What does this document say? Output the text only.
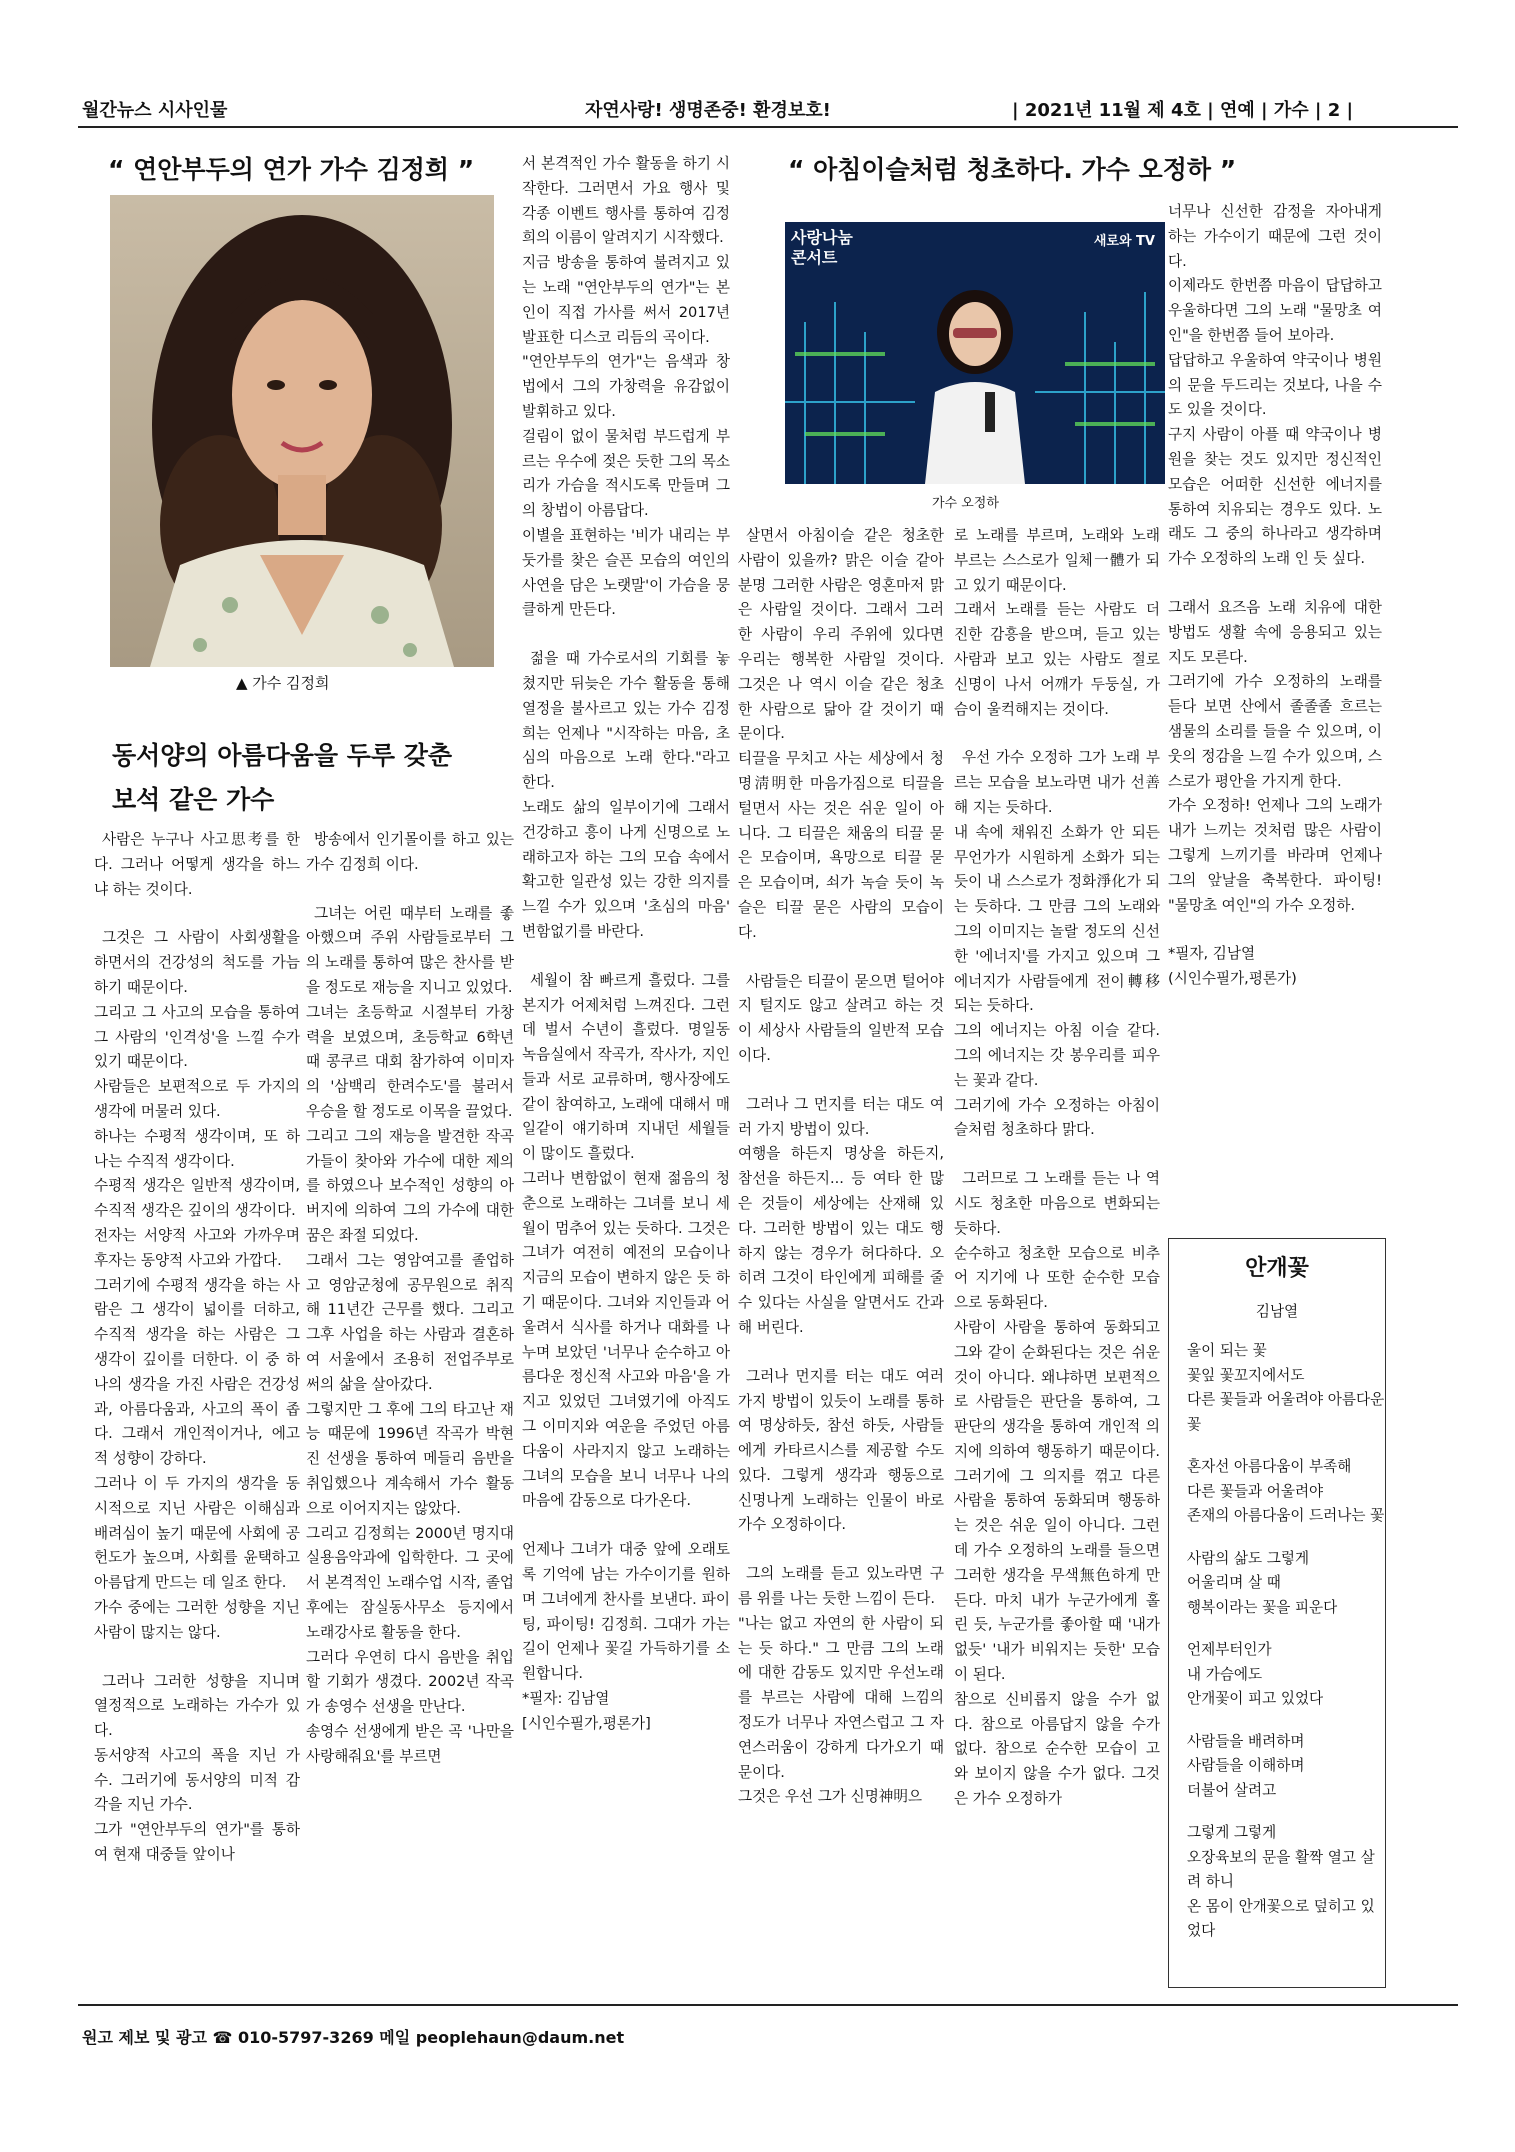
월간뉴스 시사인물	자연사랑! 생명존중! 환경보호!	| 2021년 11월 제 4호 | 연예 | 가수 | 2 |
“ 연안부두의 연가 가수 김정희 ”
▲ 가수 김정희
동서양의 아름다움을 두루 갖춘
보석 같은 가수

사람은 누구나 사고思考를 한다. 그러나 어떻게 생각을 하느냐 하는 것이다.

그것은 그 사람이 사회생활을 하면서의 건강성의 척도를 가늠하기 때문이다.
그리고 그 사고의 모습을 통하여 그 사람의 '인격성'을 느낄 수가 있기 때문이다.
사람들은 보편적으로 두 가지의 생각에 머물러 있다.
하나는 수평적 생각이며, 또 하나는 수직적 생각이다.
수평적 생각은 일반적 생각이며, 수직적 생각은 깊이의 생각이다.
전자는 서양적 사고와 가까우며 후자는 동양적 사고와 가깝다.
그러기에 수평적 생각을 하는 사람은 그 생각이 넓이를 더하고, 수직적 생각을 하는 사람은 그 생각이 깊이를 더한다. 이 중 하나의 생각을 가진 사람은 건강성과, 아름다움과, 사고의 폭이 좁다. 그래서 개인적이거나, 에고적 성향이 강하다.
그러나 이 두 가지의 생각을 동시적으로 지닌 사람은 이해심과 배려심이 높기 때문에 사회에 공헌도가 높으며, 사회를 윤택하고 아름답게 만드는 데 일조 한다.
가수 중에는 그러한 성향을 지닌 사람이 많지는 않다.

그러나 그러한 성향을 지니며 열정적으로 노래하는 가수가 있다.
동서양적 사고의 폭을 지닌 가수. 그러기에 동서양의 미적 감각을 지닌 가수.
그가 "연안부두의 연가"를 통하여 현재 대중들 앞이나

방송에서 인기몰이를 하고 있는 가수 김정희 이다.

그녀는 어린 때부터 노래를 좋아했으며 주위 사람들로부터 그의 노래를 통하여 많은 찬사를 받을 정도로 재능을 지니고 있었다.
그녀는 초등학교 시절부터 가창력을 보였으며, 초등학교 6학년 때 콩쿠르 대회 참가하여 이미자의 '삼백리 한려수도'를 불러서 우승을 할 정도로 이목을 끌었다.
그리고 그의 재능을 발견한 작곡가들이 찾아와 가수에 대한 제의를 하였으나 보수적인 성향의 아버지에 의하여 그의 가수에 대한 꿈은 좌절 되었다.
그래서 그는 영암여고를 졸업하고 영암군청에 공무원으로 취직해 11년간 근무를 했다. 그리고 그후 사업을 하는 사람과 결혼하여 서울에서 조용히 전업주부로써의 삶을 살아갔다.
그렇지만 그 후에 그의 타고난 재능 때문에 1996년 작곡가 박현진 선생을 통하여 메들리 음반을 취입했으나 계속해서 가수 활동으로 이어지지는 않았다.
그리고 김정희는 2000년 명지대 실용음악과에 입학한다. 그 곳에서 본격적인 노래수업 시작, 졸업 후에는 잠실동사무소 등지에서 노래강사로 활동을 한다.
그러다 우연히 다시 음반을 취입할 기회가 생겼다. 2002년 작곡가 송영수 선생을 만난다.
송영수 선생에게 받은 곡 '나만을 사랑해줘요'를 부르면

서 본격적인 가수 활동을 하기 시작한다. 그러면서 가요 행사 및 각종 이벤트 행사를 통하여 김정희의 이름이 알려지기 시작했다.
지금 방송을 통하여 불려지고 있는 노래 "연안부두의 연가"는 본인이 직접 가사를 써서 2017년 발표한 디스코 리듬의 곡이다.
"연안부두의 연가"는 음색과 창법에서 그의 가창력을 유감없이 발휘하고 있다.
걸림이 없이 물처럼 부드럽게 부르는 우수에 젖은 듯한 그의 목소리가 가슴을 적시도록 만들며 그의 창법이 아름답다.
이별을 표현하는 '비가 내리는 부둣가를 찾은 슬픈 모습의 여인의 사연을 담은 노랫말'이 가슴을 뭉클하게 만든다.

젊을 때 가수로서의 기회를 놓쳤지만 뒤늦은 가수 활동을 통해 열정을 불사르고 있는 가수 김정희는 언제나 "시작하는 마음, 초심의 마음으로 노래 한다."라고 한다.
노래도 삶의 일부이기에 그래서 건강하고 흥이 나게 신명으로 노래하고자 하는 그의 모습 속에서 확고한 일관성 있는 강한 의지를 느낄 수가 있으며 '초심의 마음' 변함없기를 바란다.

세월이 참 빠르게 흘렀다. 그를 본지가 어제처럼 느껴진다. 그런데 벌서 수년이 흘렀다. 명일동 녹음실에서 작곡가, 작사가, 지인들과 서로 교류하며, 행사장에도 같이 참여하고, 노래에 대해서 매일같이 얘기하며 지내던 세월들이 많이도 흘렀다.
그러나 변함없이 현재 젊음의 청춘으로 노래하는 그녀를 보니 세월이 멈추어 있는 듯하다. 그것은 그녀가 여전히 예전의 모습이나 지금의 모습이 변하지 않은 듯 하기 때문이다. 그녀와 지인들과 어울려서 식사를 하거나 대화를 나누며 보았던 '너무나 순수하고 아름다운 정신적 사고와 마음'을 가지고 있었던 그녀였기에 아직도 그 이미지와 여운을 주었던 아름다움이 사라지지 않고 노래하는 그녀의 모습을 보니 너무나 나의 마음에 감동으로 다가온다.

언제나 그녀가 대중 앞에 오래토록 기억에 남는 가수이기를 원하며 그녀에게 찬사를 보낸다. 파이팅, 파이팅! 김정희. 그대가 가는 길이 언제나 꽃길 가득하기를 소원합니다.
*필자: 김남열
[시인수필가,평론가]

“ 아침이슬처럼 청초하다. 가수 오정하 ”
사랑나눔 콘서트
새로와 TV
가수 오정하

살면서 아침이슬 같은 청초한 사람이 있을까? 맑은 이슬 같아 분명 그러한 사람은 영혼마저 맑은 사람일 것이다. 그래서 그러한 사람이 우리 주위에 있다면 우리는 행복한 사람일 것이다. 그것은 나 역시 이슬 같은 청초한 사람으로 닮아 갈 것이기 때문이다.
티끌을 무치고 사는 세상에서 청명淸明한 마음가짐으로 티끌을 털면서 사는 것은 쉬운 일이 아니다. 그 티끌은 채움의 티끌 묻은 모습이며, 욕망으로 티끌 묻은 모습이며, 쇠가 녹슬 듯이 녹 슬은 티끌 묻은 사람의 모습이다.

사람들은 티끌이 묻으면 털어야지 털지도 않고 살려고 하는 것이 세상사 사람들의 일반적 모습이다.

그러나 그 먼지를 터는 대도 여러 가지 방법이 있다.
여행을 하든지 명상을 하든지, 참선을 하든지... 등 여타 한 많은 것들이 세상에는 산재해 있다. 그러한 방법이 있는 대도 행하지 않는 경우가 허다하다. 오히려 그것이 타인에게 피해를 줄 수 있다는 사실을 알면서도 간과해 버린다.

그러나 먼지를 터는 대도 여러 가지 방법이 있듯이 노래를 통하여 명상하듯, 참선 하듯, 사람들에게 카타르시스를 제공할 수도 있다. 그렇게 생각과 행동으로 신명나게 노래하는 인물이 바로 가수 오정하이다.

그의 노래를 듣고 있노라면 구름 위를 나는 듯한 느낌이 든다.
"나는 없고 자연의 한 사람이 되는 듯 하다." 그 만큼 그의 노래에 대한 감동도 있지만 우선노래를 부르는 사람에 대해 느낌의 정도가 너무나 자연스럽고 그 자연스러움이 강하게 다가오기 때문이다.
그것은 우선 그가 신명神明으

로 노래를 부르며, 노래와 노래 부르는 스스로가 일체一體가 되고 있기 때문이다.
그래서 노래를 듣는 사람도 더 진한 감흥을 받으며, 듣고 있는 사람과 보고 있는 사람도 절로 신명이 나서 어깨가 두둥실, 가슴이 울컥해지는 것이다.

우선 가수 오정하 그가 노래 부르는 모습을 보노라면 내가 선善해 지는 듯하다.
내 속에 채워진 소화가 안 되든 무언가가 시원하게 소화가 되는 듯이 내 스스로가 정화淨化가 되는 듯하다. 그 만큼 그의 노래와 그의 이미지는 놀랄 정도의 신선한 '에너지'를 가지고 있으며 그 에너지가 사람들에게 전이轉移되는 듯하다.
그의 에너지는 아침 이슬 같다. 그의 에너지는 갓 봉우리를 피우는 꽃과 같다.
그러기에 가수 오정하는 아침이슬처럼 청초하다 맑다.

그러므로 그 노래를 듣는 나 역시도 청초한 마음으로 변화되는 듯하다.
순수하고 청초한 모습으로 비추어 지기에 나 또한 순수한 모습으로 동화된다.
사람이 사람을 통하여 동화되고 그와 같이 순화된다는 것은 쉬운 것이 아니다. 왜냐하면 보편적으로 사람들은 판단을 통하여, 그 판단의 생각을 통하여 개인적 의지에 의하여 행동하기 때문이다. 그러기에 그 의지를 꺾고 다른 사람을 통하여 동화되며 행동하는 것은 쉬운 일이 아니다. 그런데 가수 오정하의 노래를 들으면 그러한 생각을 무색無色하게 만든다. 마치 내가 누군가에게 홀린 듯, 누군가를 좋아할 때 '내가 없듯' '내가 비워지는 듯한' 모습이 된다.
참으로 신비롭지 않을 수가 없다. 참으로 아름답지 않을 수가 없다. 참으로 순수한 모습이 고와 보이지 않을 수가 없다. 그것은 가수 오정하가

너무나 신선한 감정을 자아내게 하는 가수이기 때문에 그런 것이다.
이제라도 한번쯤 마음이 답답하고 우울하다면 그의 노래 "물망초 여인"을 한번쯤 들어 보아라.
답답하고 우울하여 약국이나 병원의 문을 두드리는 것보다, 나을 수도 있을 것이다.
구지 사람이 아플 때 약국이나 병원을 찾는 것도 있지만 정신적인 모습은 어떠한 신선한 에너지를 통하여 치유되는 경우도 있다. 노래도 그 중의 하나라고 생각하며 가수 오정하의 노래 인 듯 싶다.

그래서 요즈음 노래 치유에 대한 방법도 생활 속에 응용되고 있는지도 모른다.
그러기에 가수 오정하의 노래를 듣다 보면 산에서 졸졸졸 흐르는 샘물의 소리를 들을 수 있으며, 이웃의 정감을 느낄 수가 있으며, 스스로가 평안을 가지게 한다.
가수 오정하! 언제나 그의 노래가 내가 느끼는 것처럼 많은 사람이 그렇게 느끼기를 바라며 언제나 그의 앞날을 축복한다. 파이팅! "물망초 여인"의 가수 오정하.

*필자, 김남열
(시인수필가,평론가)

안개꽃
김남열
울이 되는 꽃
꽃잎 꽃꼬지에서도
다른 꽃들과 어울려야 아름다운 꽃
혼자선 아름다움이 부족해
다른 꽃들과 어울려야
존재의 아름다움이 드러나는 꽃
사람의 삶도 그렇게
어울리며 살 때
행복이라는 꽃을 피운다
언제부터인가
내 가슴에도
안개꽃이 피고 있었다
사람들을 배려하며
사람들을 이해하며
더불어 살려고
그렇게 그렇게
오장육보의 문을 활짝 열고 살려 하니
온 몸이 안개꽃으로 덮히고 있었다
원고 제보 및 광고 ☎ 010-5797-3269 메일 peoplehaun@daum.net
